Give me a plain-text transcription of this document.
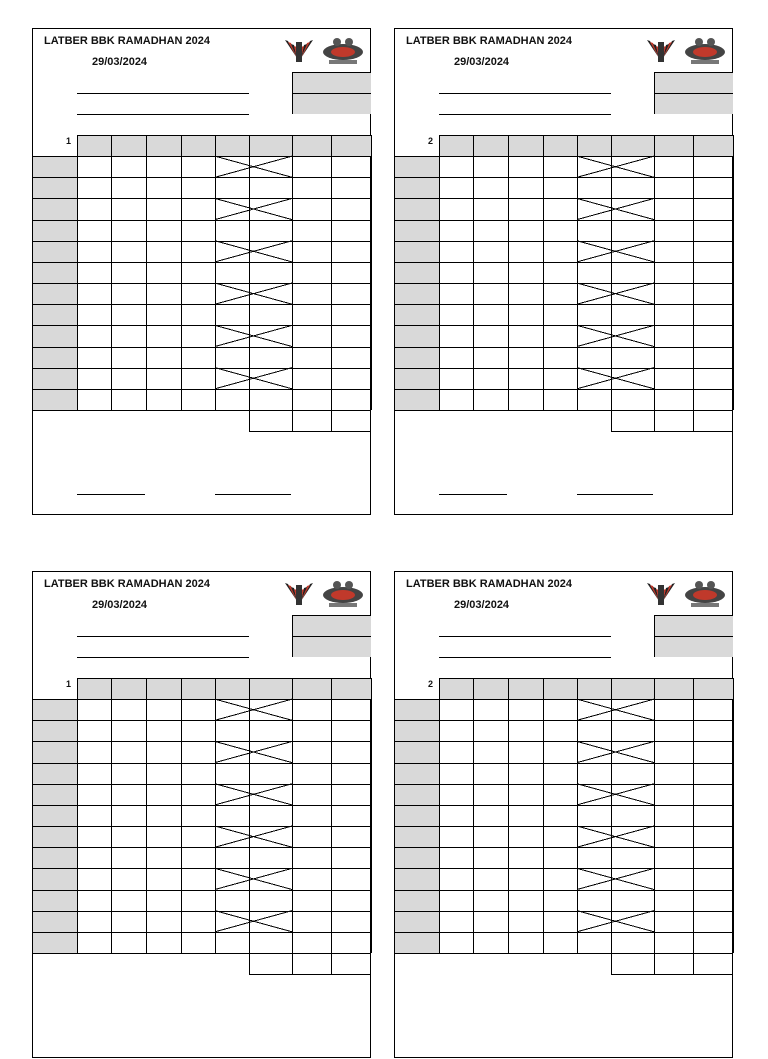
LATBER BBK RAMADHAN 2024
29/03/2024
1
LATBER BBK RAMADHAN 2024
29/03/2024
2
LATBER BBK RAMADHAN 2024
29/03/2024
1
LATBER BBK RAMADHAN 2024
29/03/2024
2
